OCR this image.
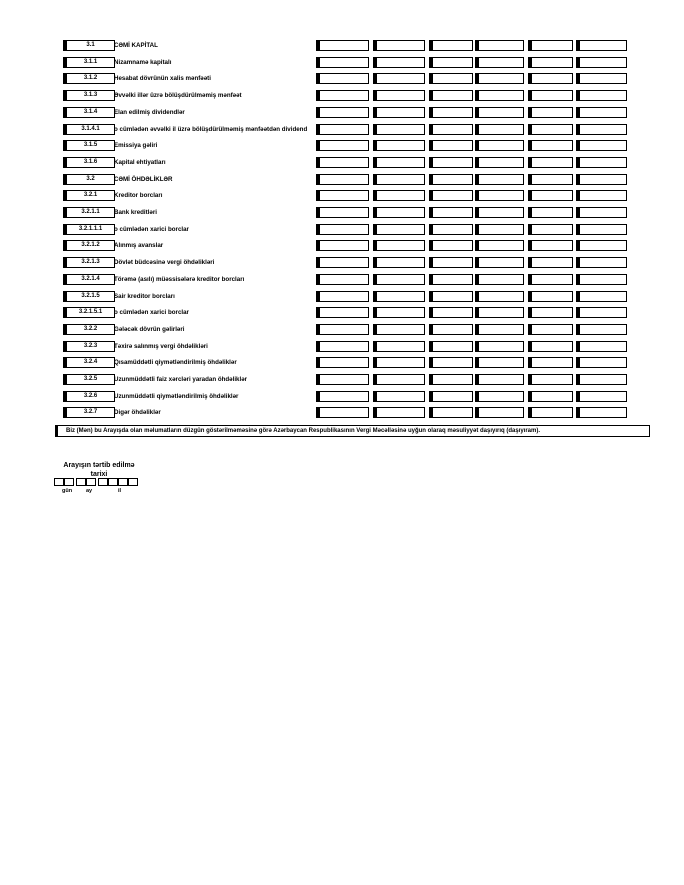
3.1	CƏMİ KAPİTAL
3.1.1	Nizamnamə kapitalı
3.1.2	Hesabat dövrünün xalis mənfəəti
3.1.3	Əvvəlki illər üzrə bölüşdürülməmiş mənfəət
3.1.4	Elan edilmiş dividendlər
3.1.4.1	o cümlədən əvvəlki il üzrə bölüşdürülməmiş mənfəətdən dividend
3.1.5	Emissiya gəliri
3.1.6	Kapital ehtiyatları
3.2	CƏMİ ÖHDƏLİKLƏR
3.2.1	Kreditor borcları
3.2.1.1	Bank kreditləri
3.2.1.1.1	o cümlədən xarici borclar
3.2.1.2	Alınmış avanslar
3.2.1.3	Dövlət büdcəsinə vergi öhdəlikləri
3.2.1.4	Törəmə (asılı) müəssisələrə kreditor borcları
3.2.1.5	Sair kreditor borcları
3.2.1.5.1	o cümlədən xarici borclar
3.2.2	Gələcək dövrün gəlirləri
3.2.3	Təxirə salınmış vergi öhdəlikləri
3.2.4	Qısamüddətli qiymətləndirilmiş öhdəliklər
3.2.5	Uzunmüddətli faiz xərcləri yaradan öhdəliklər
3.2.6	Uzunmüddətli qiymətləndirilmiş öhdəliklər
3.2.7	Digər öhdəliklər
Biz (Mən) bu Arayışda olan məlumatların düzgün göstərilməməsinə görə Azərbaycan Respublikasının Vergi Məcəlləsinə uyğun olaraq məsuliyyət daşıyırıq (daşıyıram).
Arayışın tərtib edilmə
tarixi
gün	ay	il
